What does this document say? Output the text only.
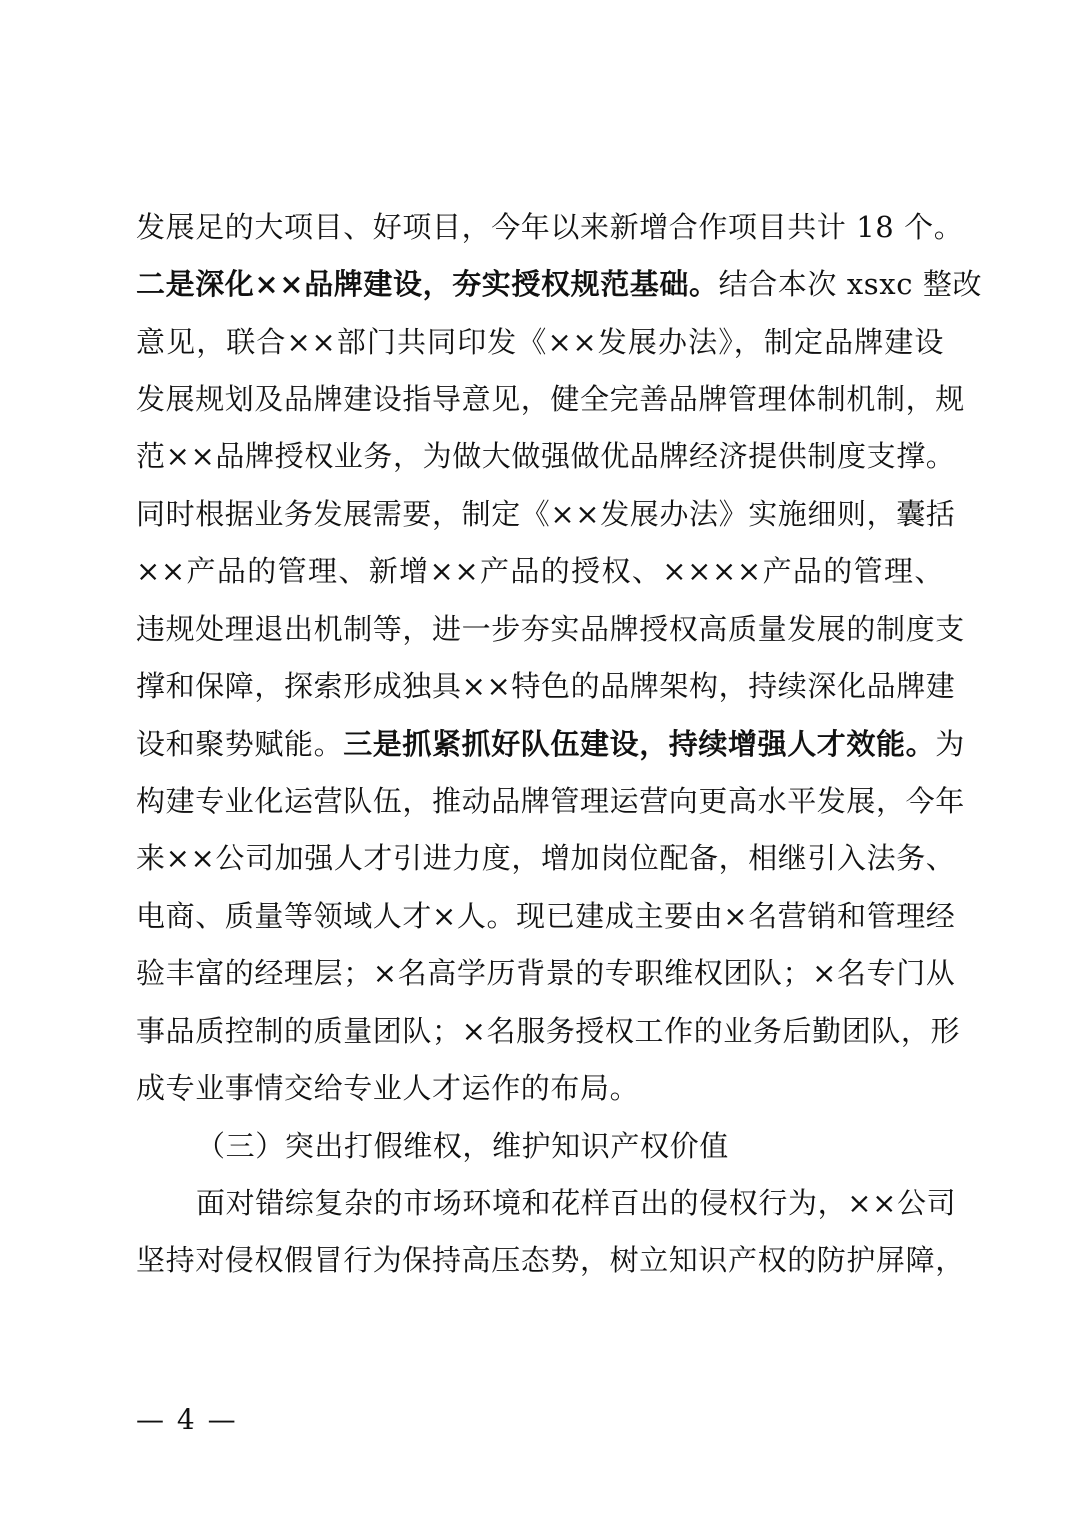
发展足的大项目、好项目，今年以来新增合作项目共计 18 个。
二是深化××品牌建设，夯实授权规范基础。结合本次 xsxc 整改
意见，联合××部门共同印发《××发展办法》，制定品牌建设
发展规划及品牌建设指导意见，健全完善品牌管理体制机制，规
范××品牌授权业务，为做大做强做优品牌经济提供制度支撑。
同时根据业务发展需要，制定《××发展办法》实施细则，囊括
××产品的管理、新增××产品的授权、××××产品的管理、
违规处理退出机制等，进一步夯实品牌授权高质量发展的制度支
撑和保障，探索形成独具××特色的品牌架构，持续深化品牌建
设和聚势赋能。三是抓紧抓好队伍建设，持续增强人才效能。为
构建专业化运营队伍，推动品牌管理运营向更高水平发展，今年
来××公司加强人才引进力度，增加岗位配备，相继引入法务、
电商、质量等领域人才×人。现已建成主要由×名营销和管理经
验丰富的经理层；×名高学历背景的专职维权团队；×名专门从
事品质控制的质量团队；×名服务授权工作的业务后勤团队，形
成专业事情交给专业人才运作的布局。
（三）突出打假维权，维护知识产权价值
面对错综复杂的市场环境和花样百出的侵权行为，××公司
坚持对侵权假冒行为保持高压态势，树立知识产权的防护屏障，
— 4 —
